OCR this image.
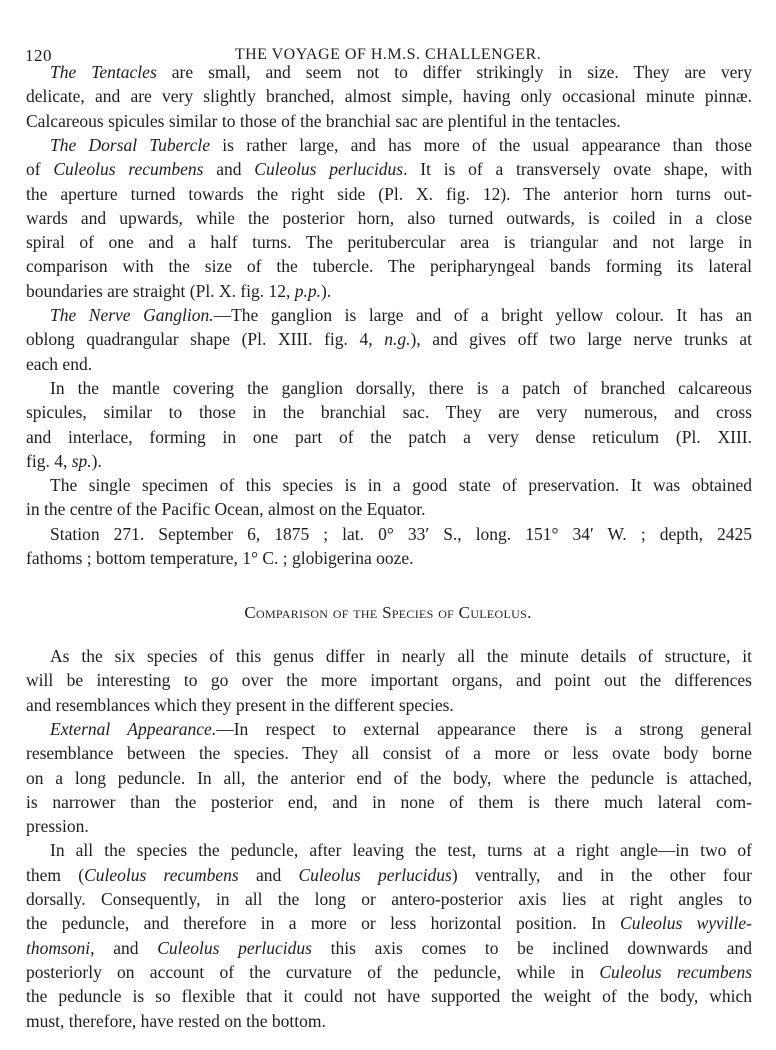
120	THE VOYAGE OF H.M.S. CHALLENGER.
The Tentacles are small, and seem not to differ strikingly in size. They are very
delicate, and are very slightly branched, almost simple, having only occasional minute pinnæ.
Calcareous spicules similar to those of the branchial sac are plentiful in the tentacles.
The Dorsal Tubercle is rather large, and has more of the usual appearance than those
of Culeolus recumbens and Culeolus perlucidus. It is of a transversely ovate shape, with
the aperture turned towards the right side (Pl. X. fig. 12). The anterior horn turns out-
wards and upwards, while the posterior horn, also turned outwards, is coiled in a close
spiral of one and a half turns. The peritubercular area is triangular and not large in
comparison with the size of the tubercle. The peripharyngeal bands forming its lateral
boundaries are straight (Pl. X. fig. 12, p.p.).
The Nerve Ganglion.—The ganglion is large and of a bright yellow colour. It has an
oblong quadrangular shape (Pl. XIII. fig. 4, n.g.), and gives off two large nerve trunks at
each end.
In the mantle covering the ganglion dorsally, there is a patch of branched calcareous
spicules, similar to those in the branchial sac. They are very numerous, and cross
and interlace, forming in one part of the patch a very dense reticulum (Pl. XIII.
fig. 4, sp.).
The single specimen of this species is in a good state of preservation. It was obtained
in the centre of the Pacific Ocean, almost on the Equator.
Station 271. September 6, 1875 ; lat. 0° 33′ S., long. 151° 34′ W. ; depth, 2425
fathoms ; bottom temperature, 1° C. ; globigerina ooze.
Comparison of the Species of Culeolus.
As the six species of this genus differ in nearly all the minute details of structure, it
will be interesting to go over the more important organs, and point out the differences
and resemblances which they present in the different species.
External Appearance.—In respect to external appearance there is a strong general
resemblance between the species. They all consist of a more or less ovate body borne
on a long peduncle. In all, the anterior end of the body, where the peduncle is attached,
is narrower than the posterior end, and in none of them is there much lateral com-
pression.
In all the species the peduncle, after leaving the test, turns at a right angle—in two of
them (Culeolus recumbens and Culeolus perlucidus) ventrally, and in the other four
dorsally. Consequently, in all the long or antero-posterior axis lies at right angles to
the peduncle, and therefore in a more or less horizontal position. In Culeolus wyville-
thomsoni, and Culeolus perlucidus this axis comes to be inclined downwards and
posteriorly on account of the curvature of the peduncle, while in Culeolus recumbens
the peduncle is so flexible that it could not have supported the weight of the body, which
must, therefore, have rested on the bottom.
